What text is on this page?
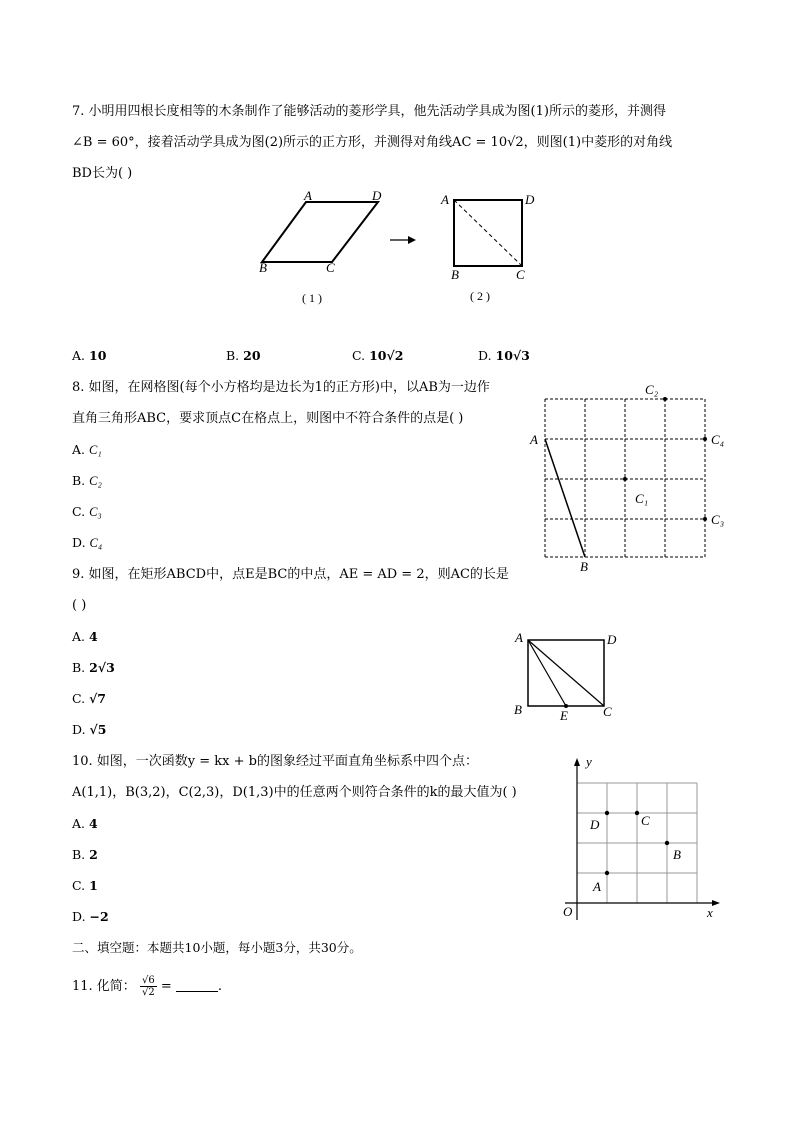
7. 小明用四根长度相等的木条制作了能够活动的菱形学具，他先活动学具成为图(1)所示的菱形，并测得
∠B = 60°，接着活动学具成为图(2)所示的正方形，并测得对角线AC = 10√2，则图(1)中菱形的对角线
BD长为( )
A	D
B	C
( 1 )
A	D
B	C
( 2 )
A. 10	B. 20	C. 10√2	D. 10√3
8. 如图，在网格图(每个小方格均是边长为1的正方形)中，以AB为一边作
直角三角形ABC，要求顶点C在格点上，则图中不符合条件的点是( )
A. C₁
B. C₂
C. C₃
D. C₄
A
B
C₁
C₂
C₃
C₄
9. 如图，在矩形ABCD中，点E是BC的中点，AE = AD = 2，则AC的长是
( )
A. 4
B. 2√3
C. √7
D. √5
A	D
B	E	C
10. 如图，一次函数y = kx + b的图象经过平面直角坐标系中四个点：
A(1,1)，B(3,2)，C(2,3)，D(1,3)中的任意两个则符合条件的k的最大值为( )
A. 4
B. 2
C. 1
D. −2
A
B
C
D
O	x
y
二、填空题：本题共10小题，每小题3分，共30分。
11. 化简： $\frac{√6}{√2}$ =	.
